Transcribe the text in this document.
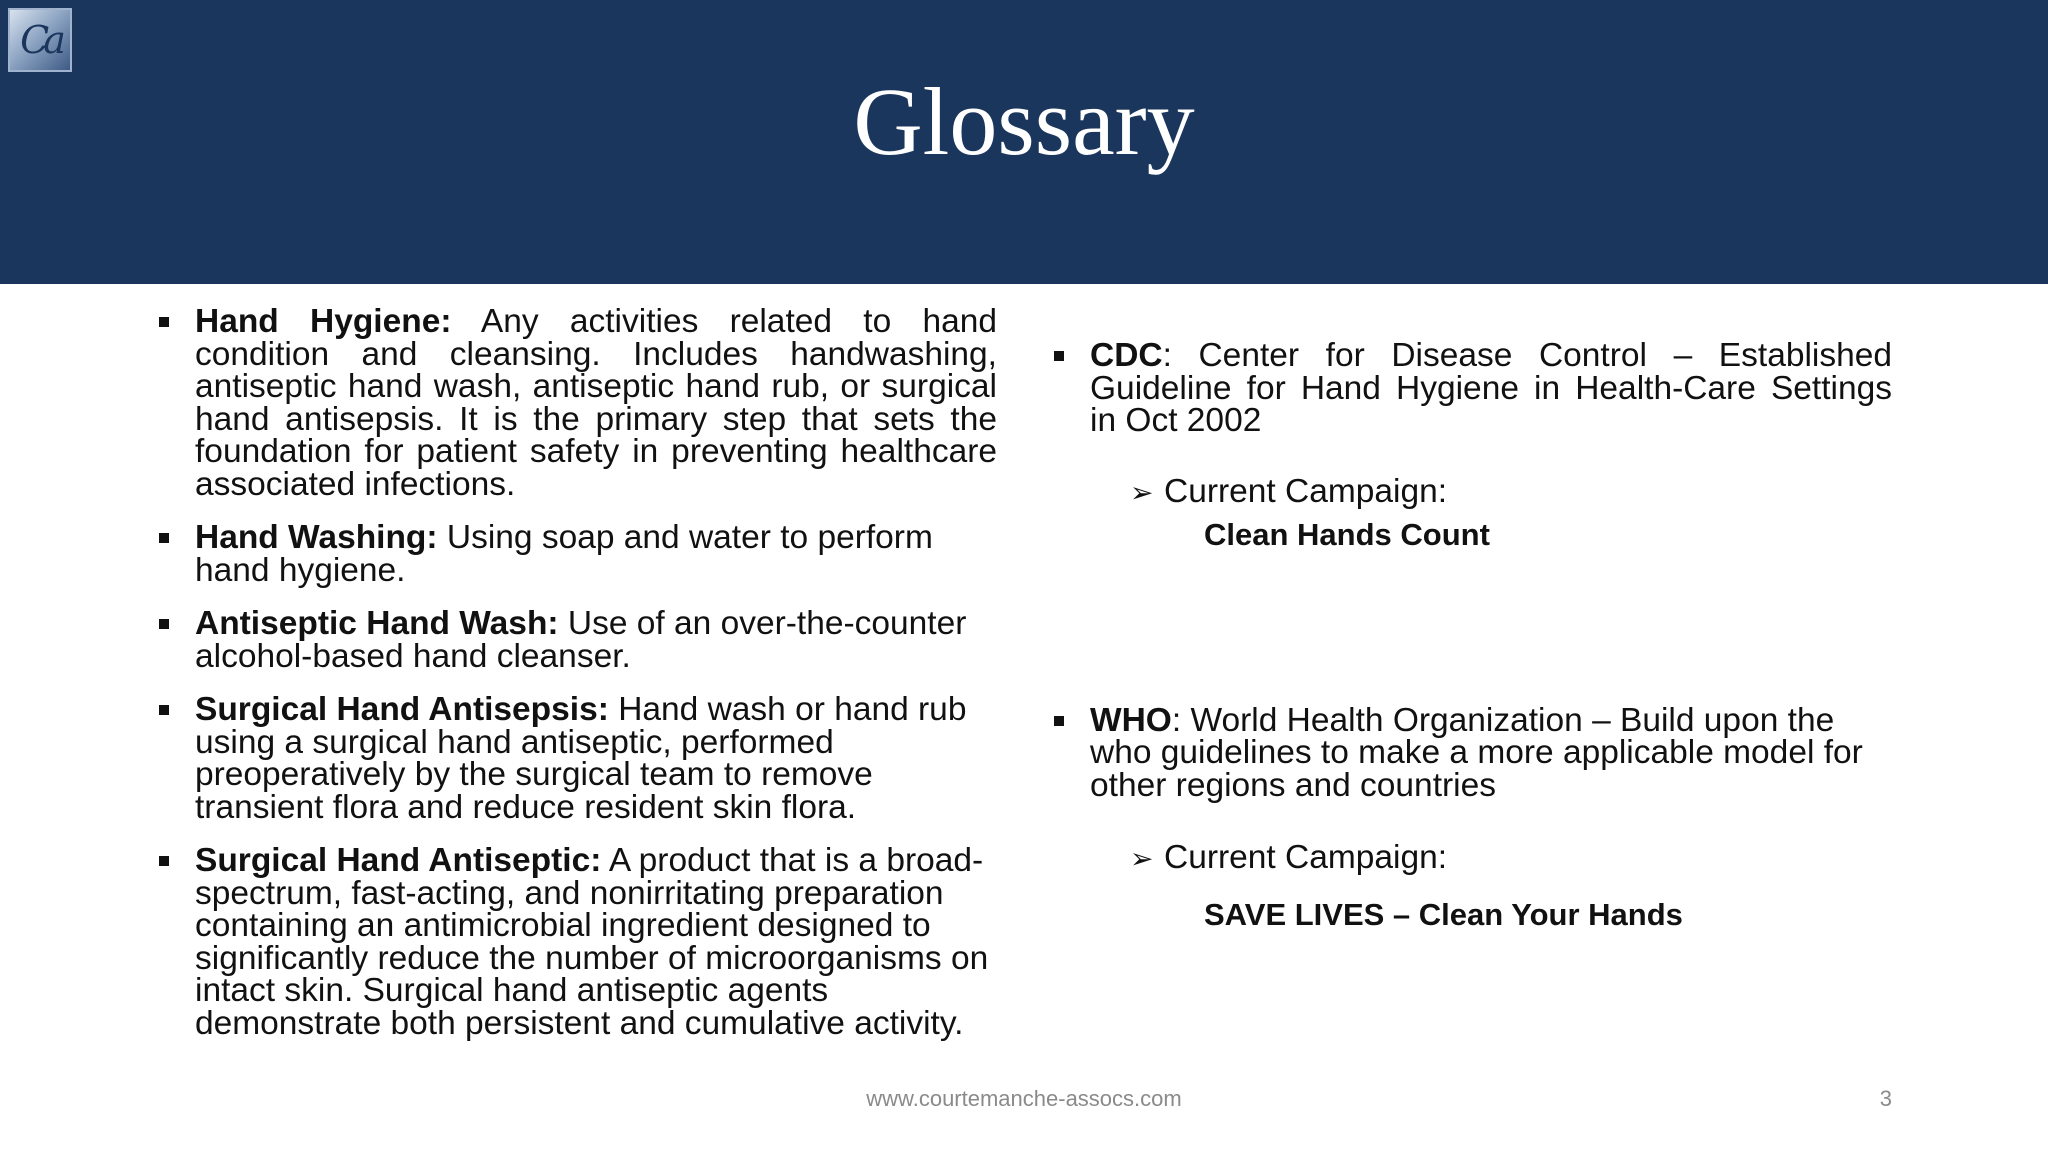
Ca
Glossary
Hand Hygiene: Any activities related to hand condition and cleansing. Includes handwashing, antiseptic hand wash, antiseptic hand rub, or surgical hand antisepsis. It is the primary step that sets the foundation for patient safety in preventing healthcare associated infections.
Hand Washing: Using soap and water to perform hand hygiene.
Antiseptic Hand Wash: Use of an over-the-counter alcohol-based hand cleanser.
Surgical Hand Antisepsis: Hand wash or hand rub using a surgical hand antiseptic, performed preoperatively by the surgical team to remove transient flora and reduce resident skin flora.
Surgical Hand Antiseptic: A product that is a broad-spectrum, fast-acting, and nonirritating preparation containing an antimicrobial ingredient designed to significantly reduce the number of microorganisms on intact skin. Surgical hand antiseptic agents demonstrate both persistent and cumulative activity.
CDC: Center for Disease Control – Established Guideline for Hand Hygiene in Health-Care Settings in Oct 2002
➢ Current Campaign:
Clean Hands Count
WHO: World Health Organization – Build upon the who guidelines to make a more applicable model for other regions and countries
➢ Current Campaign:
SAVE LIVES – Clean Your Hands
www.courtemanche-assocs.com	3
